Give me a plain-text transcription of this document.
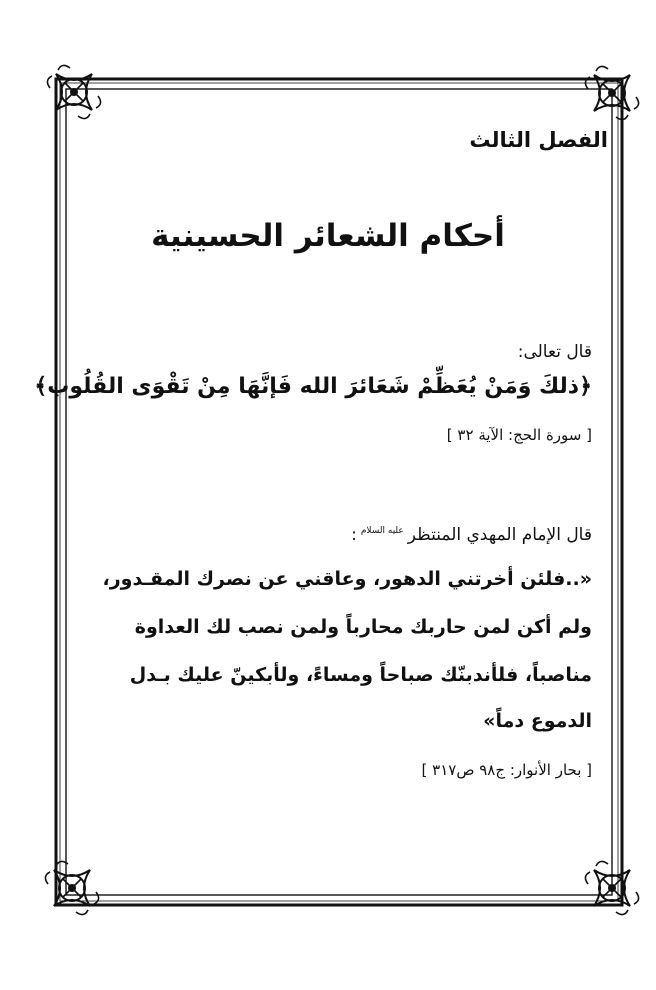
الفصل الثالث
أحكام الشعائر الحسينية
قال تعالى:
﴿ذلكَ وَمَنْ يُعَظِّمْ شَعَائرَ الله فَإنَّهَا مِنْ تَقْوَى القُلُوب﴾
[ سورة الحج: الآية ٣٢ ]
قال الإمام المهدي المنتظرعليه السلام:
«..فلئن أخرتني الدهور، وعاقني عن نصرك المقـدور،
ولم أكن لمن حاربك محارباً ولمن نصب لك العداوة
مناصباً، فلأندبنّك صباحاً ومساءً، ولأبكينّ عليك بـدل
الدموع دماً»
[ بحار الأنوار: ج٩٨ ص٣١٧ ]
